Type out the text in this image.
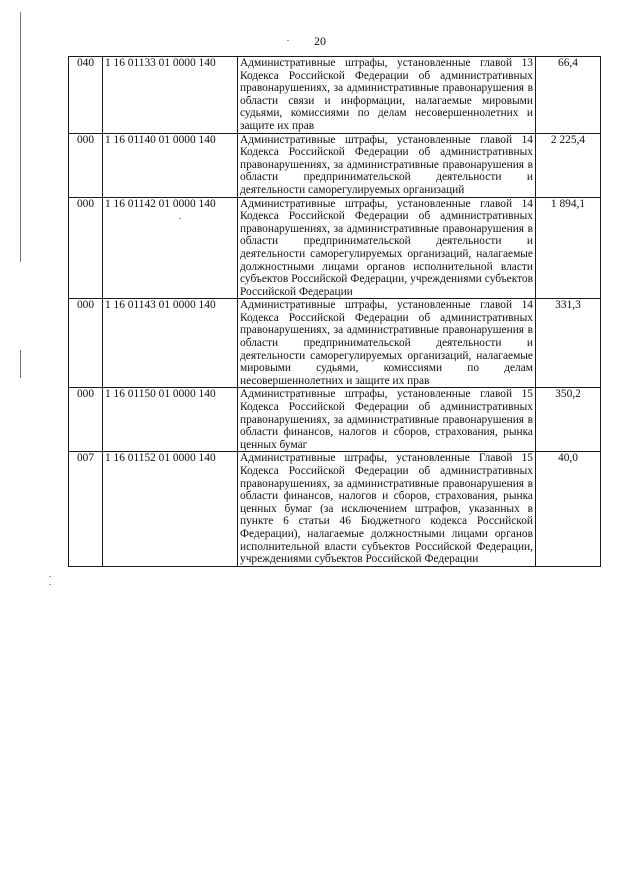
20
040	1 16 01133 01 0000 140	Административные штрафы, установленные главой 13 Кодекса Российской Федерации об административных правонарушениях, за административные правонарушения в области связи и информации, налагаемые мировыми судьями, комиссиями по делам несовершеннолетних и защите их прав	66,4
000	1 16 01140 01 0000 140	Административные штрафы, установленные главой 14 Кодекса Российской Федерации об административных правонарушениях, за административные правонарушения в области предпринимательской деятельности и деятельности саморегулируемых организаций	2 225,4
000	1 16 01142 01 0000 140	Административные штрафы, установленные главой 14 Кодекса Российской Федерации об административных правонарушениях, за административные правонарушения в области предпринимательской деятельности и деятельности саморегулируемых организаций, налагаемые должностными лицами органов исполнительной власти субъектов Российской Федерации, учреждениями субъектов Российской Федерации	1 894,1
000	1 16 01143 01 0000 140	Административные штрафы, установленные главой 14 Кодекса Российской Федерации об административных правонарушениях, за административные правонарушения в области предпринимательской деятельности и деятельности саморегулируемых организаций, налагаемые мировыми судьями, комиссиями по делам несовершеннолетних и защите их прав	331,3
000	1 16 01150 01 0000 140	Административные штрафы, установленные главой 15 Кодекса Российской Федерации об административных правонарушениях, за административные правонарушения в области финансов, налогов и сборов, страхования, рынка ценных бумаг	350,2
007	1 16 01152 01 0000 140	Административные штрафы, установленные Главой 15 Кодекса Российской Федерации об административных правонарушениях, за административные правонарушения в области финансов, налогов и сборов, страхования, рынка ценных бумаг (за исключением штрафов, указанных в пункте 6 статьи 46 Бюджетного кодекса Российской Федерации), налагаемые должностными лицами органов исполнительной власти субъектов Российской Федерации, учреждениями субъектов Российской Федерации	40,0
